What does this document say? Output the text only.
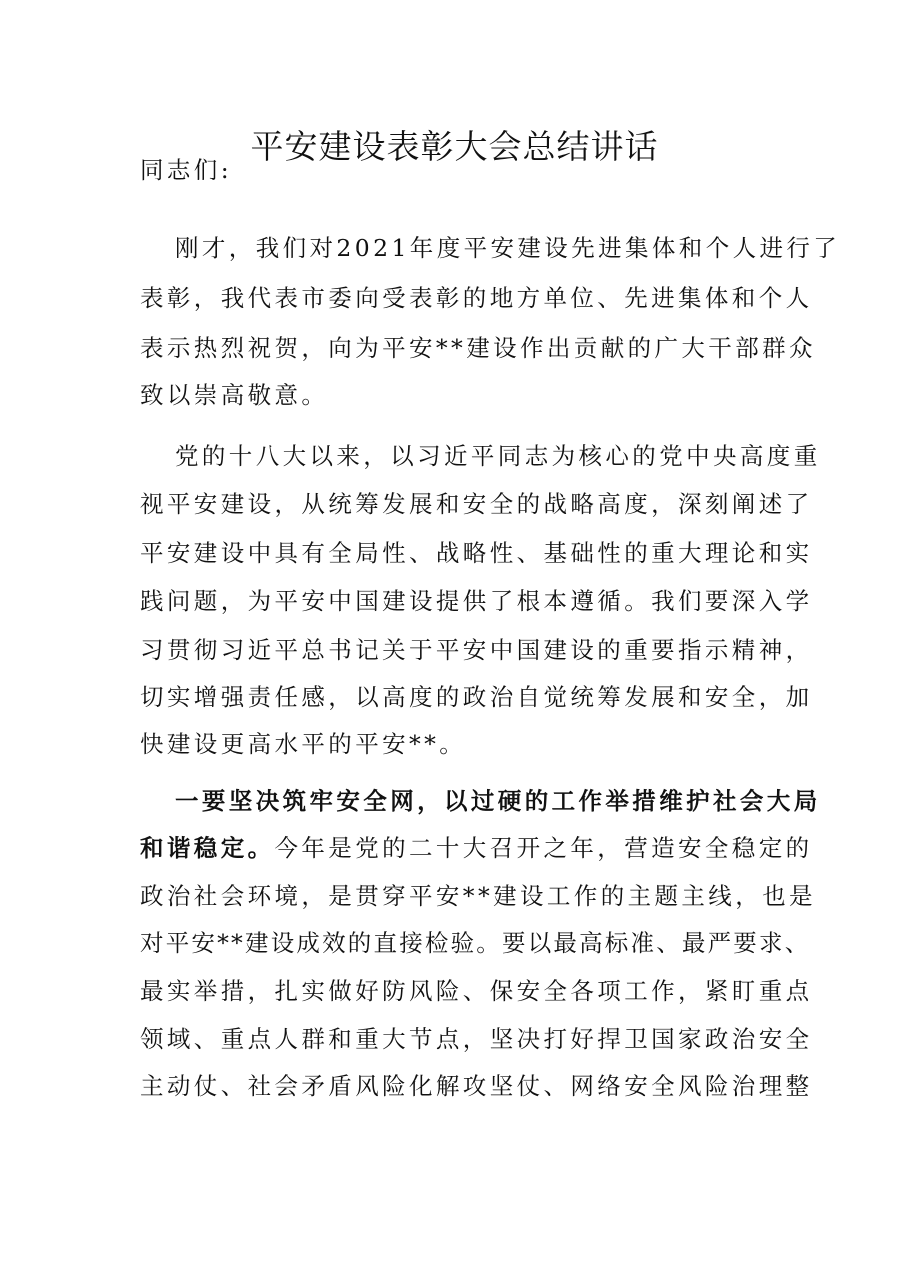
平安建设表彰大会总结讲话
同志们:
刚才，我们对2021年度平安建设先进集体和个人进行了
表彰，我代表市委向受表彰的地方单位、先进集体和个人
表示热烈祝贺，向为平安**建设作出贡献的广大干部群众
致以崇高敬意。
党的十八大以来，以习近平同志为核心的党中央高度重
视平安建设，从统筹发展和安全的战略高度，深刻阐述了
平安建设中具有全局性、战略性、基础性的重大理论和实
践问题，为平安中国建设提供了根本遵循。我们要深入学
习贯彻习近平总书记关于平安中国建设的重要指示精神，
切实增强责任感，以高度的政治自觉统筹发展和安全，加
快建设更高水平的平安**。
一要坚决筑牢安全网，以过硬的工作举措维护社会大局
和谐稳定。今年是党的二十大召开之年，营造安全稳定的
政治社会环境，是贯穿平安**建设工作的主题主线，也是
对平安**建设成效的直接检验。要以最高标准、最严要求、
最实举措，扎实做好防风险、保安全各项工作，紧盯重点
领域、重点人群和重大节点，坚决打好捍卫国家政治安全
主动仗、社会矛盾风险化解攻坚仗、网络安全风险治理整
